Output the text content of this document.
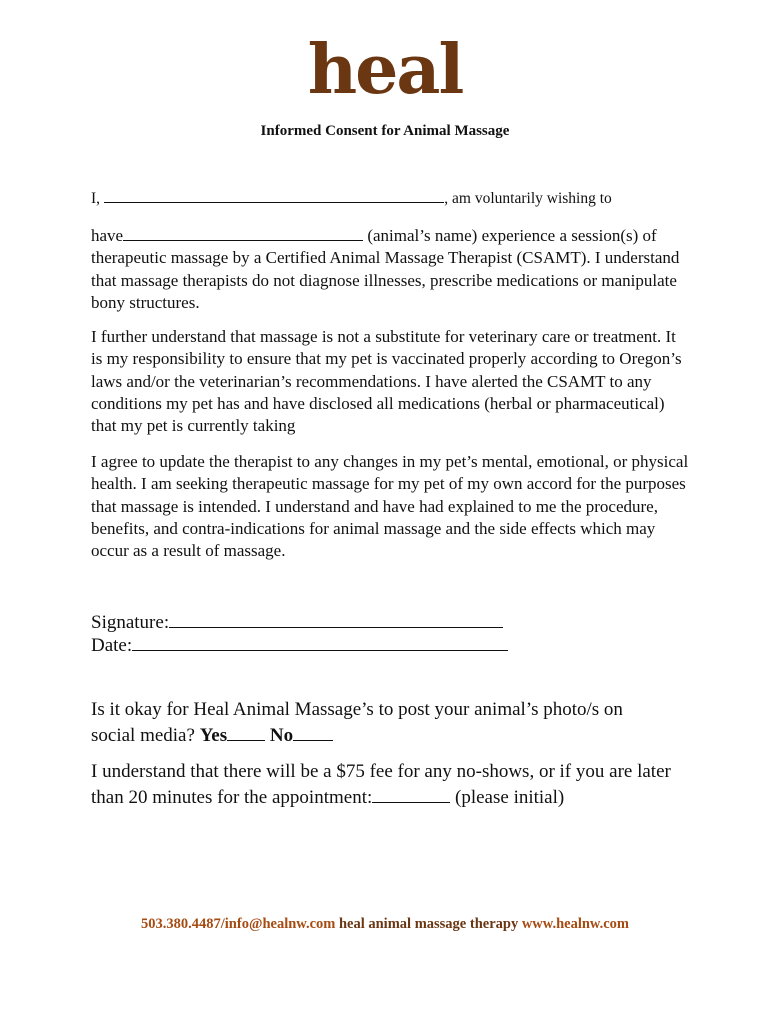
heal
Informed Consent for Animal Massage
I,	, am voluntarily wishing to
have	(animal’s name) experience a session(s) of therapeutic massage by a Certified Animal Massage Therapist (CSAMT). I understand that massage therapists do not diagnose illnesses, prescribe medications or manipulate bony structures.
I further understand that massage is not a substitute for veterinary care or treatment. It is my responsibility to ensure that my pet is vaccinated properly according to Oregon’s laws and/or the veterinarian’s recommendations. I have alerted the CSAMT to any conditions my pet has and have disclosed all medications (herbal or pharmaceutical) that my pet is currently taking
I agree to update the therapist to any changes in my pet’s mental, emotional, or physical health. I am seeking therapeutic massage for my pet of my own accord for the purposes that massage is intended. I understand and have had explained to me the procedure, benefits, and contra-indications for animal massage and the side effects which may occur as a result of massage.
Signature:
Date:
Is it okay for Heal Animal Massage’s to post your animal’s photo/s on social media? Yes No
I understand that there will be a $75 fee for any no-shows, or if you are later than 20 minutes for the appointment:	(please initial)
503.380.4487/info@healnw.com heal animal massage therapy www.healnw.com
